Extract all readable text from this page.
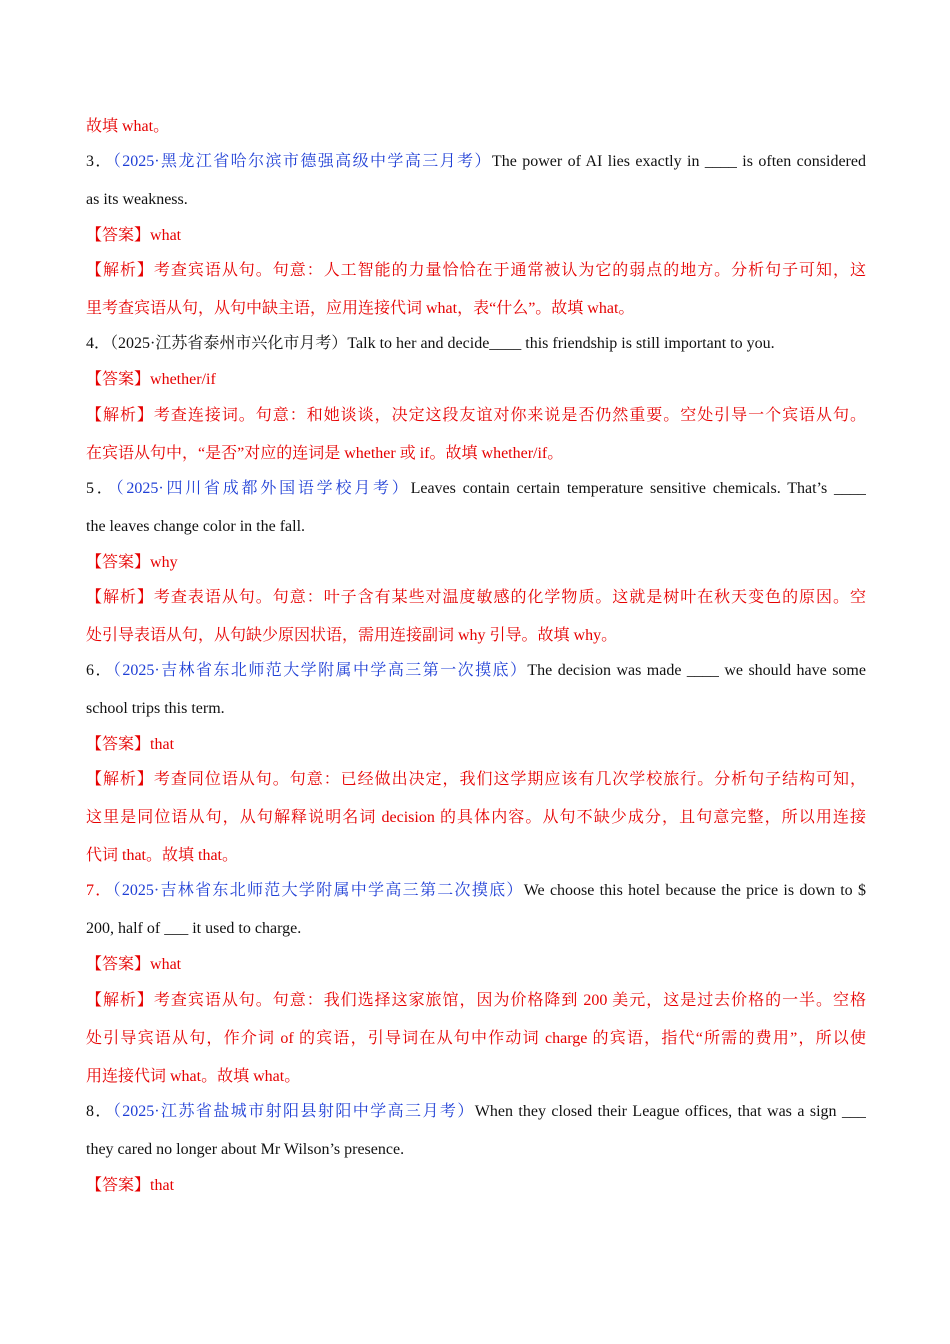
故填 what。
3．（2025·黑龙江省哈尔滨市德强高级中学高三月考）The power of AI lies exactly in ____ is often considered
as its weakness.
【答案】what
【解析】考查宾语从句。句意：人工智能的力量恰恰在于通常被认为它的弱点的地方。分析句子可知，这
里考查宾语从句，从句中缺主语，应用连接代词 what，表“什么”。故填 what。
4．（2025·江苏省泰州市兴化市月考）Talk to her and decide____ this friendship is still important to you.
【答案】whether/if
【解析】考查连接词。句意：和她谈谈，决定这段友谊对你来说是否仍然重要。空处引导一个宾语从句。
在宾语从句中，“是否”对应的连词是 whether 或 if。故填 whether/if。
5．（2025·四川省成都外国语学校月考）Leaves contain certain temperature sensitive chemicals. That’s ____
the leaves change color in the fall.
【答案】why
【解析】考查表语从句。句意：叶子含有某些对温度敏感的化学物质。这就是树叶在秋天变色的原因。空
处引导表语从句，从句缺少原因状语，需用连接副词 why 引导。故填 why。
6．（2025·吉林省东北师范大学附属中学高三第一次摸底）The decision was made ____ we should have some
school trips this term.
【答案】that
【解析】考查同位语从句。句意：已经做出决定，我们这学期应该有几次学校旅行。分析句子结构可知，
这里是同位语从句，从句解释说明名词 decision 的具体内容。从句不缺少成分，且句意完整，所以用连接
代词 that。故填 that。
7．（2025·吉林省东北师范大学附属中学高三第二次摸底）We choose this hotel because the price is down to $
200, half of ___ it used to charge.
【答案】what
【解析】考查宾语从句。句意：我们选择这家旅馆，因为价格降到 200 美元，这是过去价格的一半。空格
处引导宾语从句，作介词 of 的宾语，引导词在从句中作动词 charge 的宾语，指代“所需的费用”，所以使
用连接代词 what。故填 what。
8．（2025·江苏省盐城市射阳县射阳中学高三月考）When they closed their League offices, that was a sign ___
they cared no longer about Mr Wilson’s presence.
【答案】that
